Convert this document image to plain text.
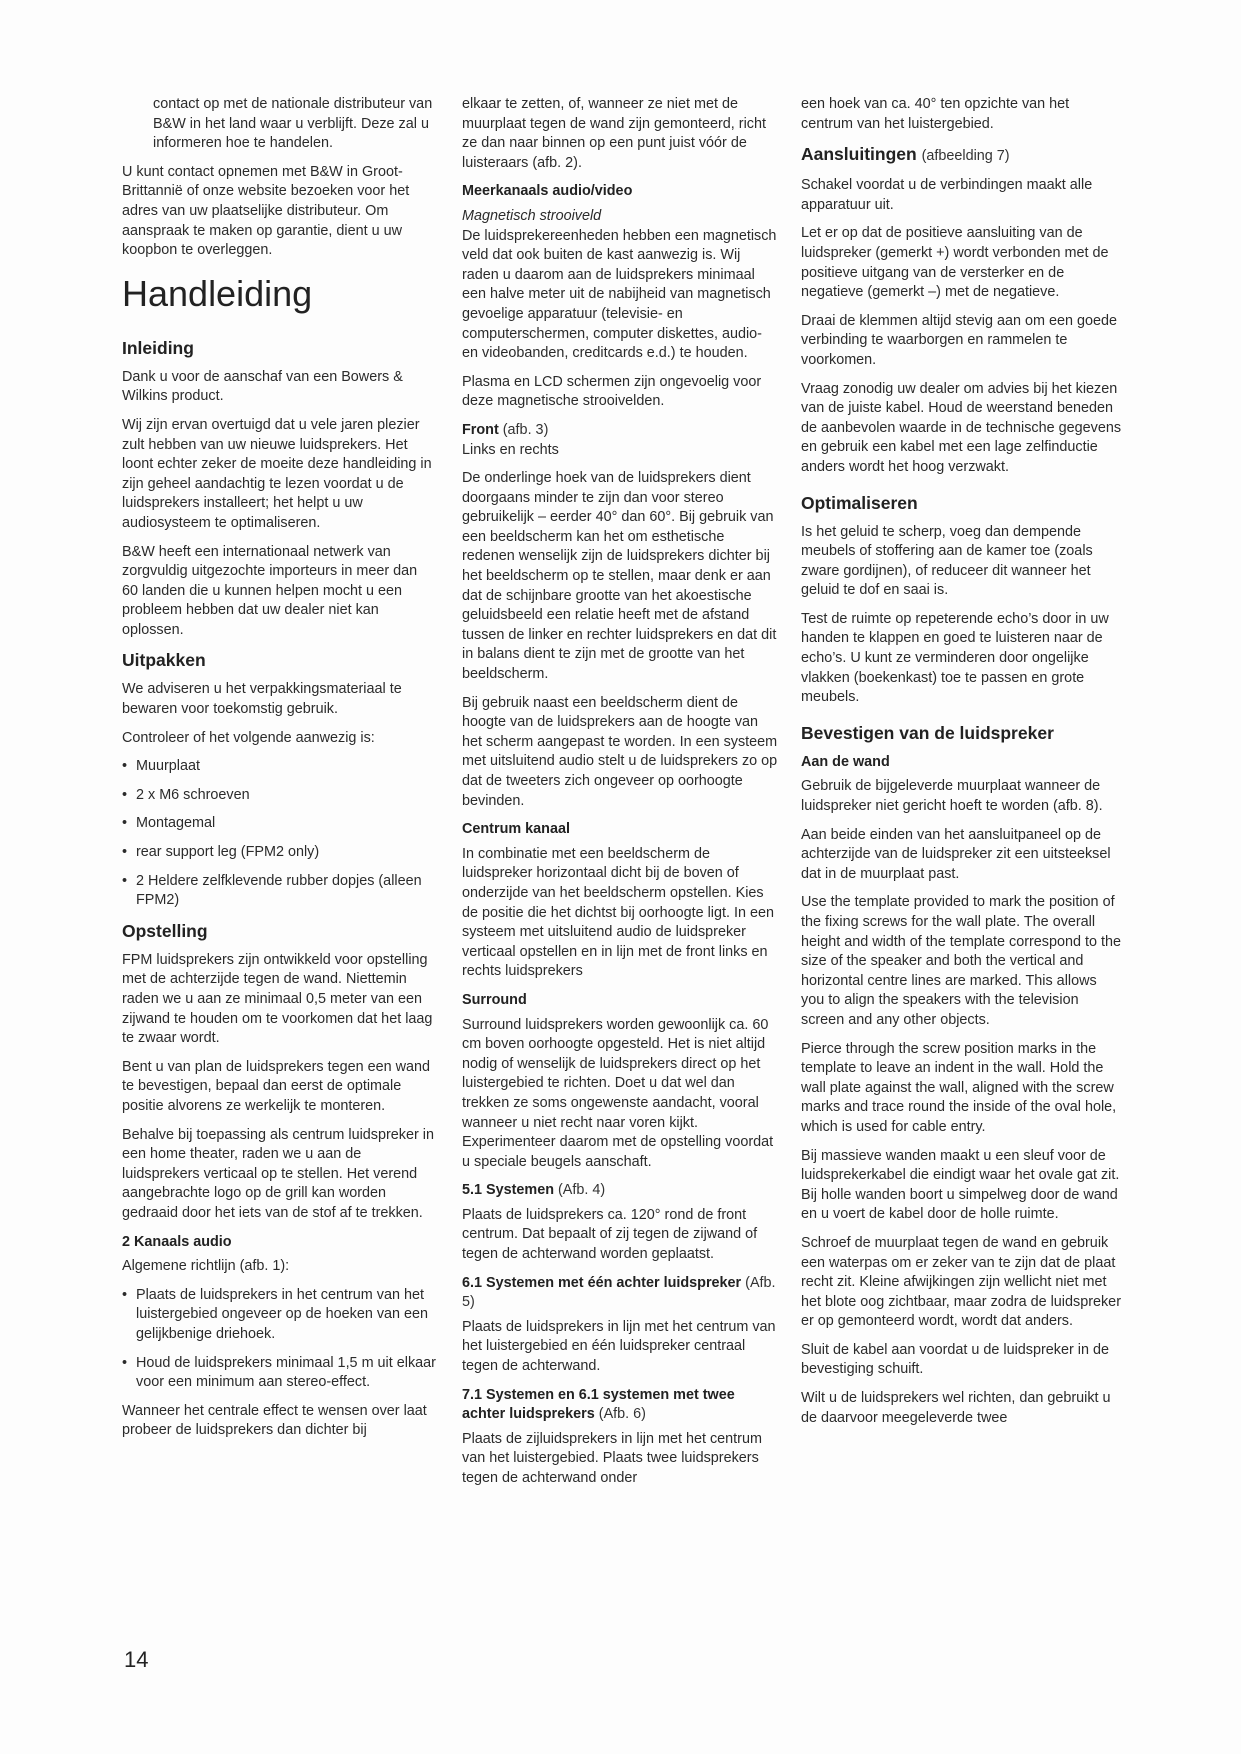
contact op met de nationale distributeur van B&W in het land waar u verblijft. Deze zal u informeren hoe te handelen.

U kunt contact opnemen met B&W in Groot-Brittannië of onze website bezoeken voor het adres van uw plaatselijke distributeur. Om aanspraak te maken op garantie, dient u uw koopbon te overleggen.

Handleiding
Inleiding

Dank u voor de aanschaf van een Bowers & Wilkins product.

Wij zijn ervan overtuigd dat u vele jaren plezier zult hebben van uw nieuwe luidsprekers. Het loont echter zeker de moeite deze handleiding in zijn geheel aandachtig te lezen voordat u de luidsprekers installeert; het helpt u uw audiosysteem te optimaliseren.

B&W heeft een internationaal netwerk van zorgvuldig uitgezochte importeurs in meer dan 60 landen die u kunnen helpen mocht u een probleem hebben dat uw dealer niet kan oplossen.

Uitpakken

We adviseren u het verpakkingsmateriaal te bewaren voor toekomstig gebruik.

Controleer of het volgende aanwezig is:

• Muurplaat
• 2 x M6 schroeven
• Montagemal
• rear support leg (FPM2 only)
• 2 Heldere zelfklevende rubber dopjes (alleen FPM2)
Opstelling

FPM luidsprekers zijn ontwikkeld voor opstelling met de achterzijde tegen de wand. Niettemin raden we u aan ze minimaal 0,5 meter van een zijwand te houden om te voorkomen dat het laag te zwaar wordt.

Bent u van plan de luidsprekers tegen een wand te bevestigen, bepaal dan eerst de optimale positie alvorens ze werkelijk te monteren.

Behalve bij toepassing als centrum luidspreker in een home theater, raden we u aan de luidsprekers verticaal op te stellen. Het verend aangebrachte logo op de grill kan worden gedraaid door het iets van de stof af te trekken.

2 Kanaals audio

Algemene richtlijn (afb. 1):

• Plaats de luidsprekers in het centrum van het luistergebied ongeveer op de hoeken van een gelijkbenige driehoek.
• Houd de luidsprekers minimaal 1,5 m uit elkaar voor een minimum aan stereo-effect.

Wanneer het centrale effect te wensen over laat probeer de luidsprekers dan dichter bij

elkaar te zetten, of, wanneer ze niet met de muurplaat tegen de wand zijn gemonteerd, richt ze dan naar binnen op een punt juist vóór de luisteraars (afb. 2).

Meerkanaals audio/video

Magnetisch strooiveld

De luidsprekereenheden hebben een magnetisch veld dat ook buiten de kast aanwezig is. Wij raden u daarom aan de luidsprekers minimaal een halve meter uit de nabijheid van magnetisch gevoelige apparatuur (televisie- en computerschermen, computer diskettes, audio- en videobanden, creditcards e.d.) te houden.

Plasma en LCD schermen zijn ongevoelig voor deze magnetische strooivelden.

Front (afb. 3)

Links en rechts

De onderlinge hoek van de luidsprekers dient doorgaans minder te zijn dan voor stereo gebruikelijk – eerder 40° dan 60°. Bij gebruik van een beeldscherm kan het om esthetische redenen wenselijk zijn de luidsprekers dichter bij het beeldscherm op te stellen, maar denk er aan dat de schijnbare grootte van het akoestische geluidsbeeld een relatie heeft met de afstand tussen de linker en rechter luidsprekers en dat dit in balans dient te zijn met de grootte van het beeldscherm.

Bij gebruik naast een beeldscherm dient de hoogte van de luidsprekers aan de hoogte van het scherm aangepast te worden. In een systeem met uitsluitend audio stelt u de luidsprekers zo op dat de tweeters zich ongeveer op oorhoogte bevinden.

Centrum kanaal

In combinatie met een beeldscherm de luidspreker horizontaal dicht bij de boven of onderzijde van het beeldscherm opstellen. Kies de positie die het dichtst bij oorhoogte ligt. In een systeem met uitsluitend audio de luidspreker verticaal opstellen en in lijn met de front links en rechts luidsprekers

Surround

Surround luidsprekers worden gewoonlijk ca. 60 cm boven oorhoogte opgesteld. Het is niet altijd nodig of wenselijk de luidsprekers direct op het luistergebied te richten. Doet u dat wel dan trekken ze soms ongewenste aandacht, vooral wanneer u niet recht naar voren kijkt. Experimenteer daarom met de opstelling voordat u speciale beugels aanschaft.

5.1 Systemen (Afb. 4)

Plaats de luidsprekers ca. 120° rond de front centrum. Dat bepaalt of zij tegen de zijwand of tegen de achterwand worden geplaatst.

6.1 Systemen met één achter luidspreker (Afb. 5)

Plaats de luidsprekers in lijn met het centrum van het luistergebied en één luidspreker centraal tegen de achterwand.

7.1 Systemen en 6.1 systemen met twee achter luidsprekers (Afb. 6)

Plaats de zijluidsprekers in lijn met het centrum van het luistergebied. Plaats twee luidsprekers tegen de achterwand onder

een hoek van ca. 40° ten opzichte van het centrum van het luistergebied.

Aansluitingen (afbeelding 7)

Schakel voordat u de verbindingen maakt alle apparatuur uit.

Let er op dat de positieve aansluiting van de luidspreker (gemerkt +) wordt verbonden met de positieve uitgang van de versterker en de negatieve (gemerkt –) met de negatieve.

Draai de klemmen altijd stevig aan om een goede verbinding te waarborgen en rammelen te voorkomen.

Vraag zonodig uw dealer om advies bij het kiezen van de juiste kabel. Houd de weerstand beneden de aanbevolen waarde in de technische gegevens en gebruik een kabel met een lage zelfinductie anders wordt het hoog verzwakt.

Optimaliseren

Is het geluid te scherp, voeg dan dempende meubels of stoffering aan de kamer toe (zoals zware gordijnen), of reduceer dit wanneer het geluid te dof en saai is.

Test de ruimte op repeterende echo’s door in uw handen te klappen en goed te luisteren naar de echo’s. U kunt ze verminderen door ongelijke vlakken (boekenkast) toe te passen en grote meubels.

Bevestigen van de luidspreker
Aan de wand

Gebruik de bijgeleverde muurplaat wanneer de luidspreker niet gericht hoeft te worden (afb. 8).

Aan beide einden van het aansluitpaneel op de achterzijde van de luidspreker zit een uitsteeksel dat in de muurplaat past.

Use the template provided to mark the position of the fixing screws for the wall plate. The overall height and width of the template correspond to the size of the speaker and both the vertical and horizontal centre lines are marked. This allows you to align the speakers with the television screen and any other objects.

Pierce through the screw position marks in the template to leave an indent in the wall. Hold the wall plate against the wall, aligned with the screw marks and trace round the inside of the oval hole, which is used for cable entry.

Bij massieve wanden maakt u een sleuf voor de luidsprekerkabel die eindigt waar het ovale gat zit. Bij holle wanden boort u simpelweg door de wand en u voert de kabel door de holle ruimte.

Schroef de muurplaat tegen de wand en gebruik een waterpas om er zeker van te zijn dat de plaat recht zit. Kleine afwijkingen zijn wellicht niet met het blote oog zichtbaar, maar zodra de luidspreker er op gemonteerd wordt, wordt dat anders.

Sluit de kabel aan voordat u de luidspreker in de bevestiging schuift.

Wilt u de luidsprekers wel richten, dan gebruikt u de daarvoor meegeleverde twee

14
